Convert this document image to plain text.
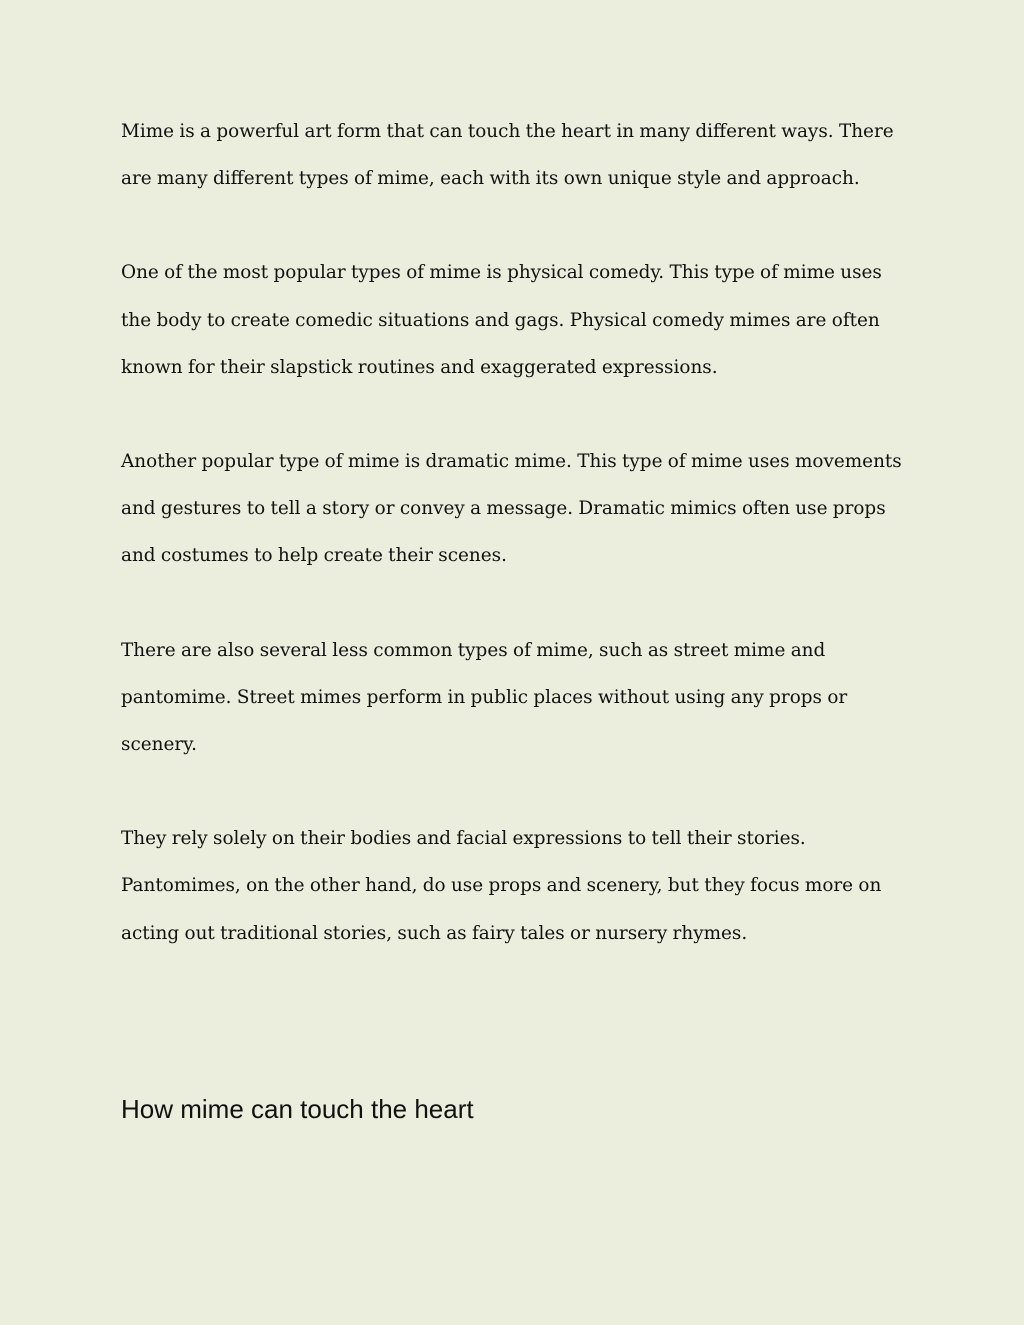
Mime is a powerful art form that can touch the heart in many different ways. There are many different types of mime, each with its own unique style and approach.

One of the most popular types of mime is physical comedy. This type of mime uses the body to create comedic situations and gags. Physical comedy mimes are often known for their slapstick routines and exaggerated expressions.

Another popular type of mime is dramatic mime. This type of mime uses movements and gestures to tell a story or convey a message. Dramatic mimics often use props and costumes to help create their scenes.

There are also several less common types of mime, such as street mime and pantomime. Street mimes perform in public places without using any props or scenery.

They rely solely on their bodies and facial expressions to tell their stories. Pantomimes, on the other hand, do use props and scenery, but they focus more on acting out traditional stories, such as fairy tales or nursery rhymes.

How mime can touch the heart
